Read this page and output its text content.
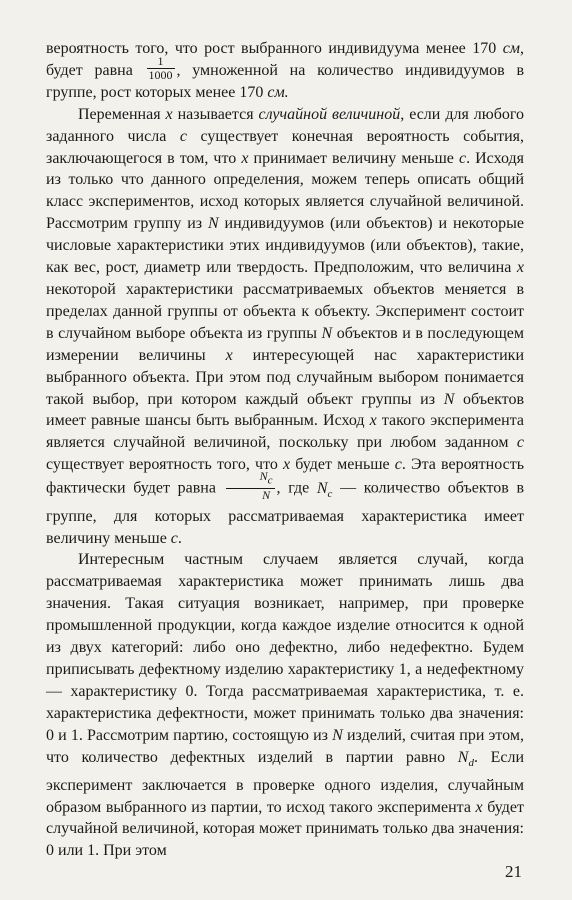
вероятность того, что рост выбранного индивидуума менее 170 см, будет равна $\frac{1}{1000}$ , умноженной на количество индивидуумов в группе, рост которых менее 170 см.

Переменная x называется случайной величиной, если для любого заданного числа c существует конечная вероятность события, заключающегося в том, что x принимает величину меньше c. Исходя из только что данного определения, можем теперь описать общий класс экспериментов, исход которых является случайной величиной. Рассмотрим группу из N индивидуумов (или объектов) и некоторые числовые характеристики этих индивидуумов (или объектов), такие, как вес, рост, диаметр или твердость. Предположим, что величина x некоторой характеристики рассматриваемых объектов меняется в пределах данной группы от объекта к объекту. Эксперимент состоит в случайном выборе объекта из группы N объектов и в последующем измерении величины x интересующей нас характеристики выбранного объекта. При этом под случайным выбором понимается такой выбор, при котором каждый объект группы из N объектов имеет равные шансы быть выбранным. Исход x такого эксперимента является случайной величиной, поскольку при любом заданном c существует вероятность того, что x будет меньше c. Эта вероятность фактически будет равна $\frac{N_c}{N}$ , где $N_c$ — количество объектов в группе, для которых рассматриваемая характеристика имеет величину меньше c.

Интересным частным случаем является случай, когда рассматриваемая характеристика может принимать лишь два значения. Такая ситуация возникает, например, при проверке промышленной продукции, когда каждое изделие относится к одной из двух категорий: либо оно дефектно, либо недефектно. Будем приписывать дефектному изделию характеристику 1, а недефектному — характеристику 0. Тогда рассматриваемая характеристика, т. е. характеристика дефектности, может принимать только два значения: 0 и 1. Рассмотрим партию, состоящую из N изделий, считая при этом, что количество дефектных изделий в партии равно $N_d$. Если эксперимент заключается в проверке одного изделия, случайным образом выбранного из партии, то исход такого эксперимента x будет случайной величиной, которая может принимать только два значения: 0 или 1. При этом

21
